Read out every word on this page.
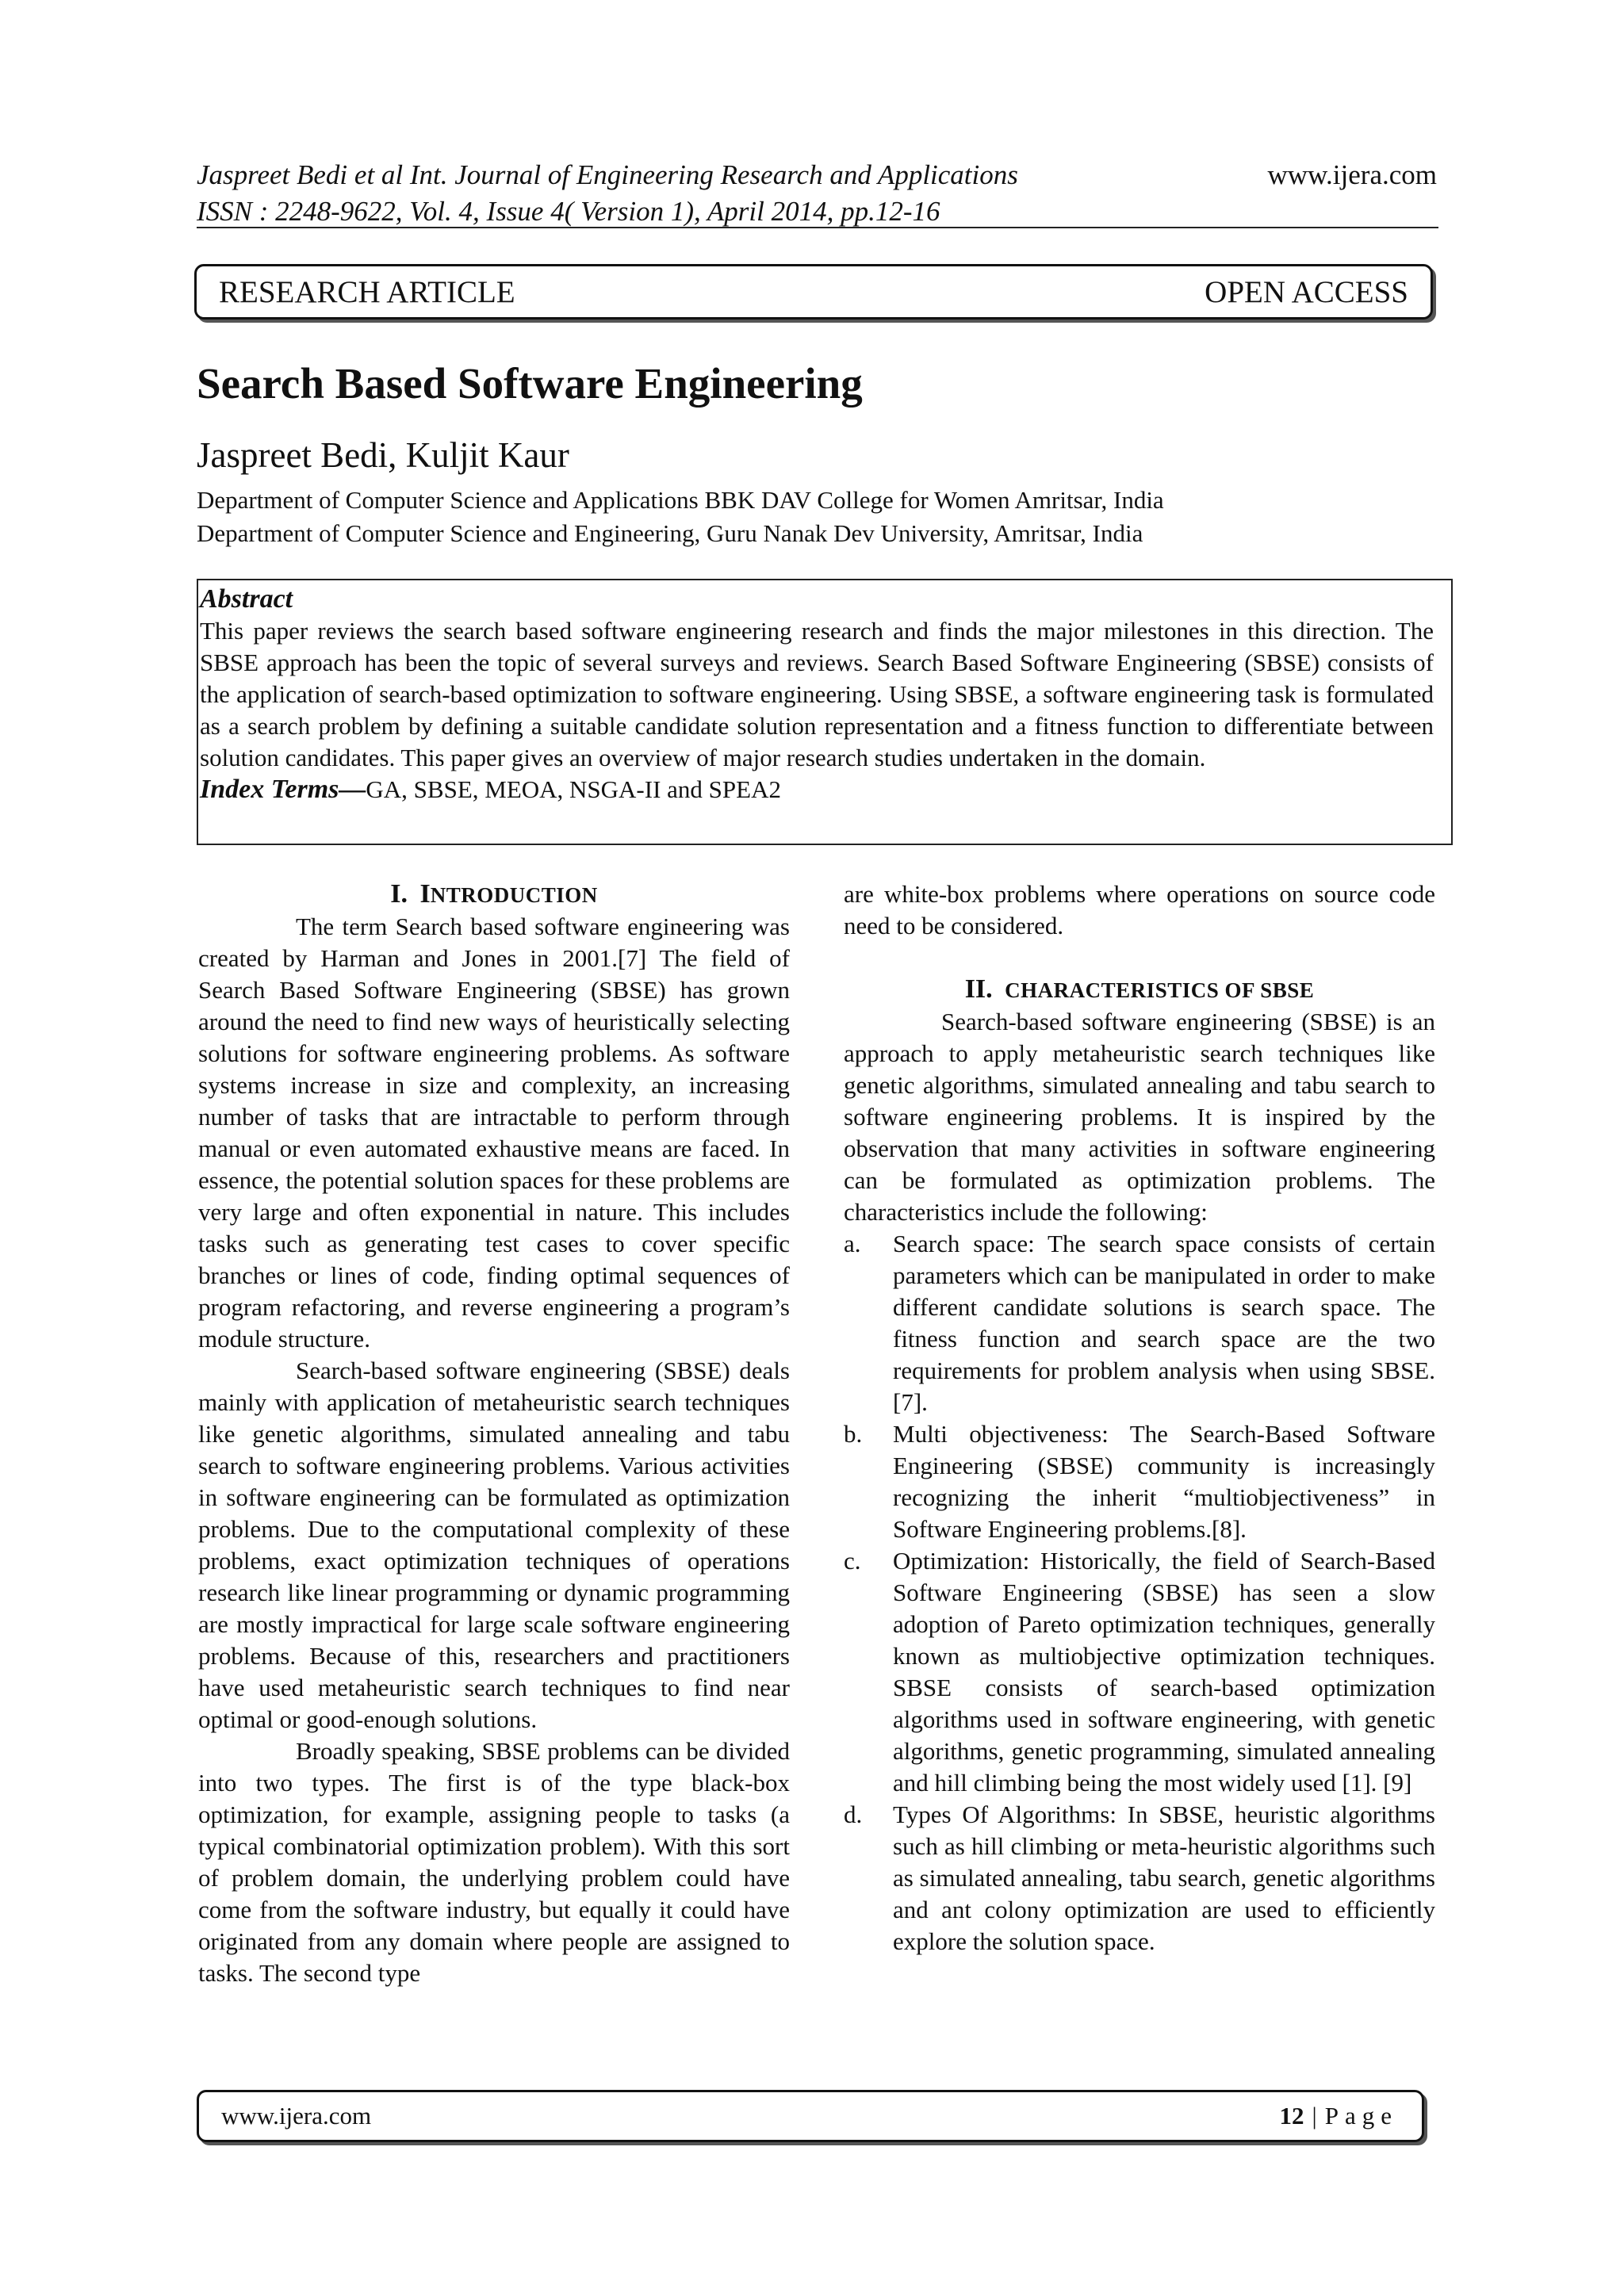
Jaspreet Bedi et al Int. Journal of Engineering Research and Applications
ISSN : 2248-9622, Vol. 4, Issue 4( Version 1), April 2014, pp.12-16
www.ijera.com
RESEARCH ARTICLE	OPEN ACCESS
Search Based Software Engineering
Jaspreet Bedi, Kuljit Kaur
Department of Computer Science and Applications BBK DAV College for Women Amritsar, India
Department of Computer Science and Engineering, Guru Nanak Dev University, Amritsar, India
Abstract

This paper reviews the search based software engineering research and finds the major milestones in this direction. The SBSE approach has been the topic of several surveys and reviews. Search Based Software Engineering (SBSE) consists of the application of search-based optimization to software engineering. Using SBSE, a software engineering task is formulated as a search problem by defining a suitable candidate solution representation and a fitness function to differentiate between solution candidates. This paper gives an overview of major research studies undertaken in the domain.

Index Terms—GA, SBSE, MEOA, NSGA-II and SPEA2

I. INTRODUCTION

The term Search based software engineering was created by Harman and Jones in 2001.[7] The field of Search Based Software Engineering (SBSE) has grown around the need to find new ways of heuristically selecting solutions for software engineering problems. As software systems increase in size and complexity, an increasing number of tasks that are intractable to perform through manual or even automated exhaustive means are faced. In essence, the potential solution spaces for these problems are very large and often exponential in nature. This includes tasks such as generating test cases to cover specific branches or lines of code, finding optimal sequences of program refactoring, and reverse engineering a program’s module structure.

Search-based software engineering (SBSE) deals mainly with application of metaheuristic search techniques like genetic algorithms, simulated annealing and tabu search to software engineering problems. Various activities in software engineering can be formulated as optimization problems. Due to the computational complexity of these problems, exact optimization techniques of operations research like linear programming or dynamic programming are mostly impractical for large scale software engineering problems. Because of this, researchers and practitioners have used metaheuristic search techniques to find near optimal or good-enough solutions.

Broadly speaking, SBSE problems can be divided into two types. The first is of the type black-box optimization, for example, assigning people to tasks (a typical combinatorial optimization problem). With this sort of problem domain, the underlying problem could have come from the software industry, but equally it could have originated from any domain where people are assigned to tasks. The second type

are white-box problems where operations on source code need to be considered.

II. CHARACTERISTICS OF SBSE

Search-based software engineering (SBSE) is an approach to apply metaheuristic search techniques like genetic algorithms, simulated annealing and tabu search to software engineering problems. It is inspired by the observation that many activities in software engineering can be formulated as optimization problems. The characteristics include the following:

a. Search space: The search space consists of certain parameters which can be manipulated in order to make different candidate solutions is search space. The fitness function and search space are the two requirements for problem analysis when using SBSE.[7].
b. Multi objectiveness: The Search-Based Software Engineering (SBSE) community is increasingly recognizing the inherit “multiobjectiveness” in Software Engineering problems.[8].
c. Optimization: Historically, the field of Search-Based Software Engineering (SBSE) has seen a slow adoption of Pareto optimization techniques, generally known as multiobjective optimization techniques. SBSE consists of search-based optimization algorithms used in software engineering, with genetic algorithms, genetic programming, simulated annealing and hill climbing being the most widely used [1]. [9]
d. Types Of Algorithms: In SBSE, heuristic algorithms such as hill climbing or meta-heuristic algorithms such as simulated annealing, tabu search, genetic algorithms and ant colony optimization are used to efficiently explore the solution space.
www.ijera.com	12 | Page
